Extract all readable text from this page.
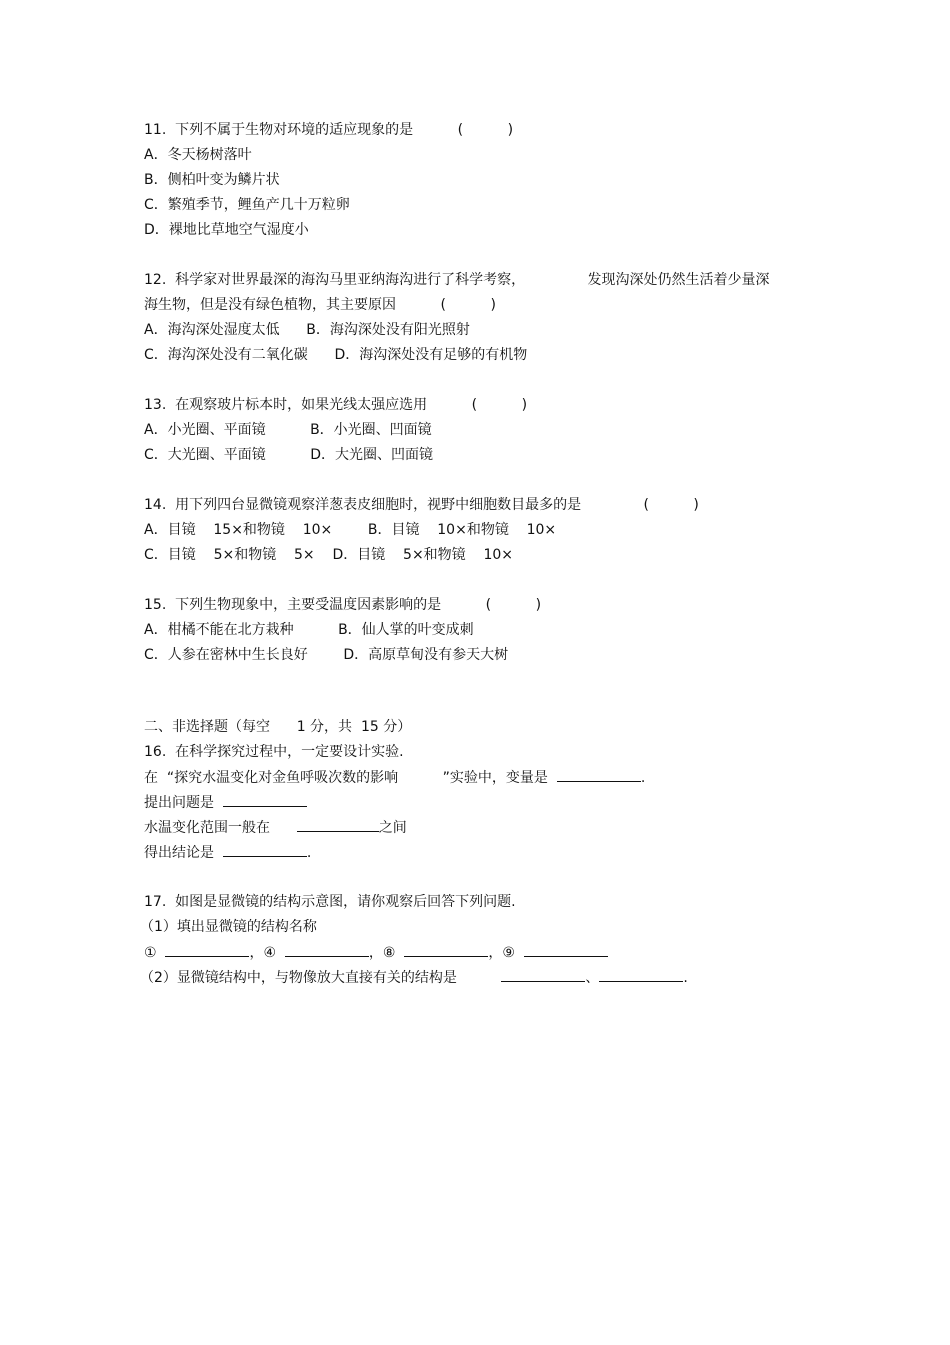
11.  下列不属于生物对环境的适应现象的是          (          )
A．冬天杨树落叶
B．侧柏叶变为鳞片状
C．繁殖季节，鲤鱼产几十万粒卵
D．裸地比草地空气湿度小
12.  科学家对世界最深的海沟马里亚纳海沟进行了科学考察，              发现沟深处仍然生活着少量深
海生物，但是没有绿色植物，其主要原因          (          )
A．海沟深处湿度太低      B．海沟深处没有阳光照射
C．海沟深处没有二氧化碳      D．海沟深处没有足够的有机物
13.  在观察玻片标本时，如果光线太强应选用          (          )
A．小光圈、平面镜          B．小光圈、凹面镜
C．大光圈、平面镜          D．大光圈、凹面镜
14.  用下列四台显微镜观察洋葱表皮细胞时，视野中细胞数目最多的是              (          )
A．目镜    15×和物镜    10×        B．目镜    10×和物镜    10×
C．目镜    5×和物镜    5×    D．目镜    5×和物镜    10×
15.  下列生物现象中，主要受温度因素影响的是          (          )
A．柑橘不能在北方栽种          B．仙人掌的叶变成刺
C．人参在密林中生长良好        D．高原草甸没有参天大树
二、非选择题（每空      1 分，共  15 分）
16.  在科学探究过程中，一定要设计实验.
在  “探究水温变化对金鱼呼吸次数的影响          ”实验中，变量是	.
提出问题是
水温变化范围一般在	之间
得出结论是	.
17.  如图是显微镜的结构示意图，请你观察后回答下列问题.
（1）填出显微镜的结构名称
①	，④	，⑧	，⑨
（2）显微镜结构中，与物像放大直接有关的结构是	、	.
